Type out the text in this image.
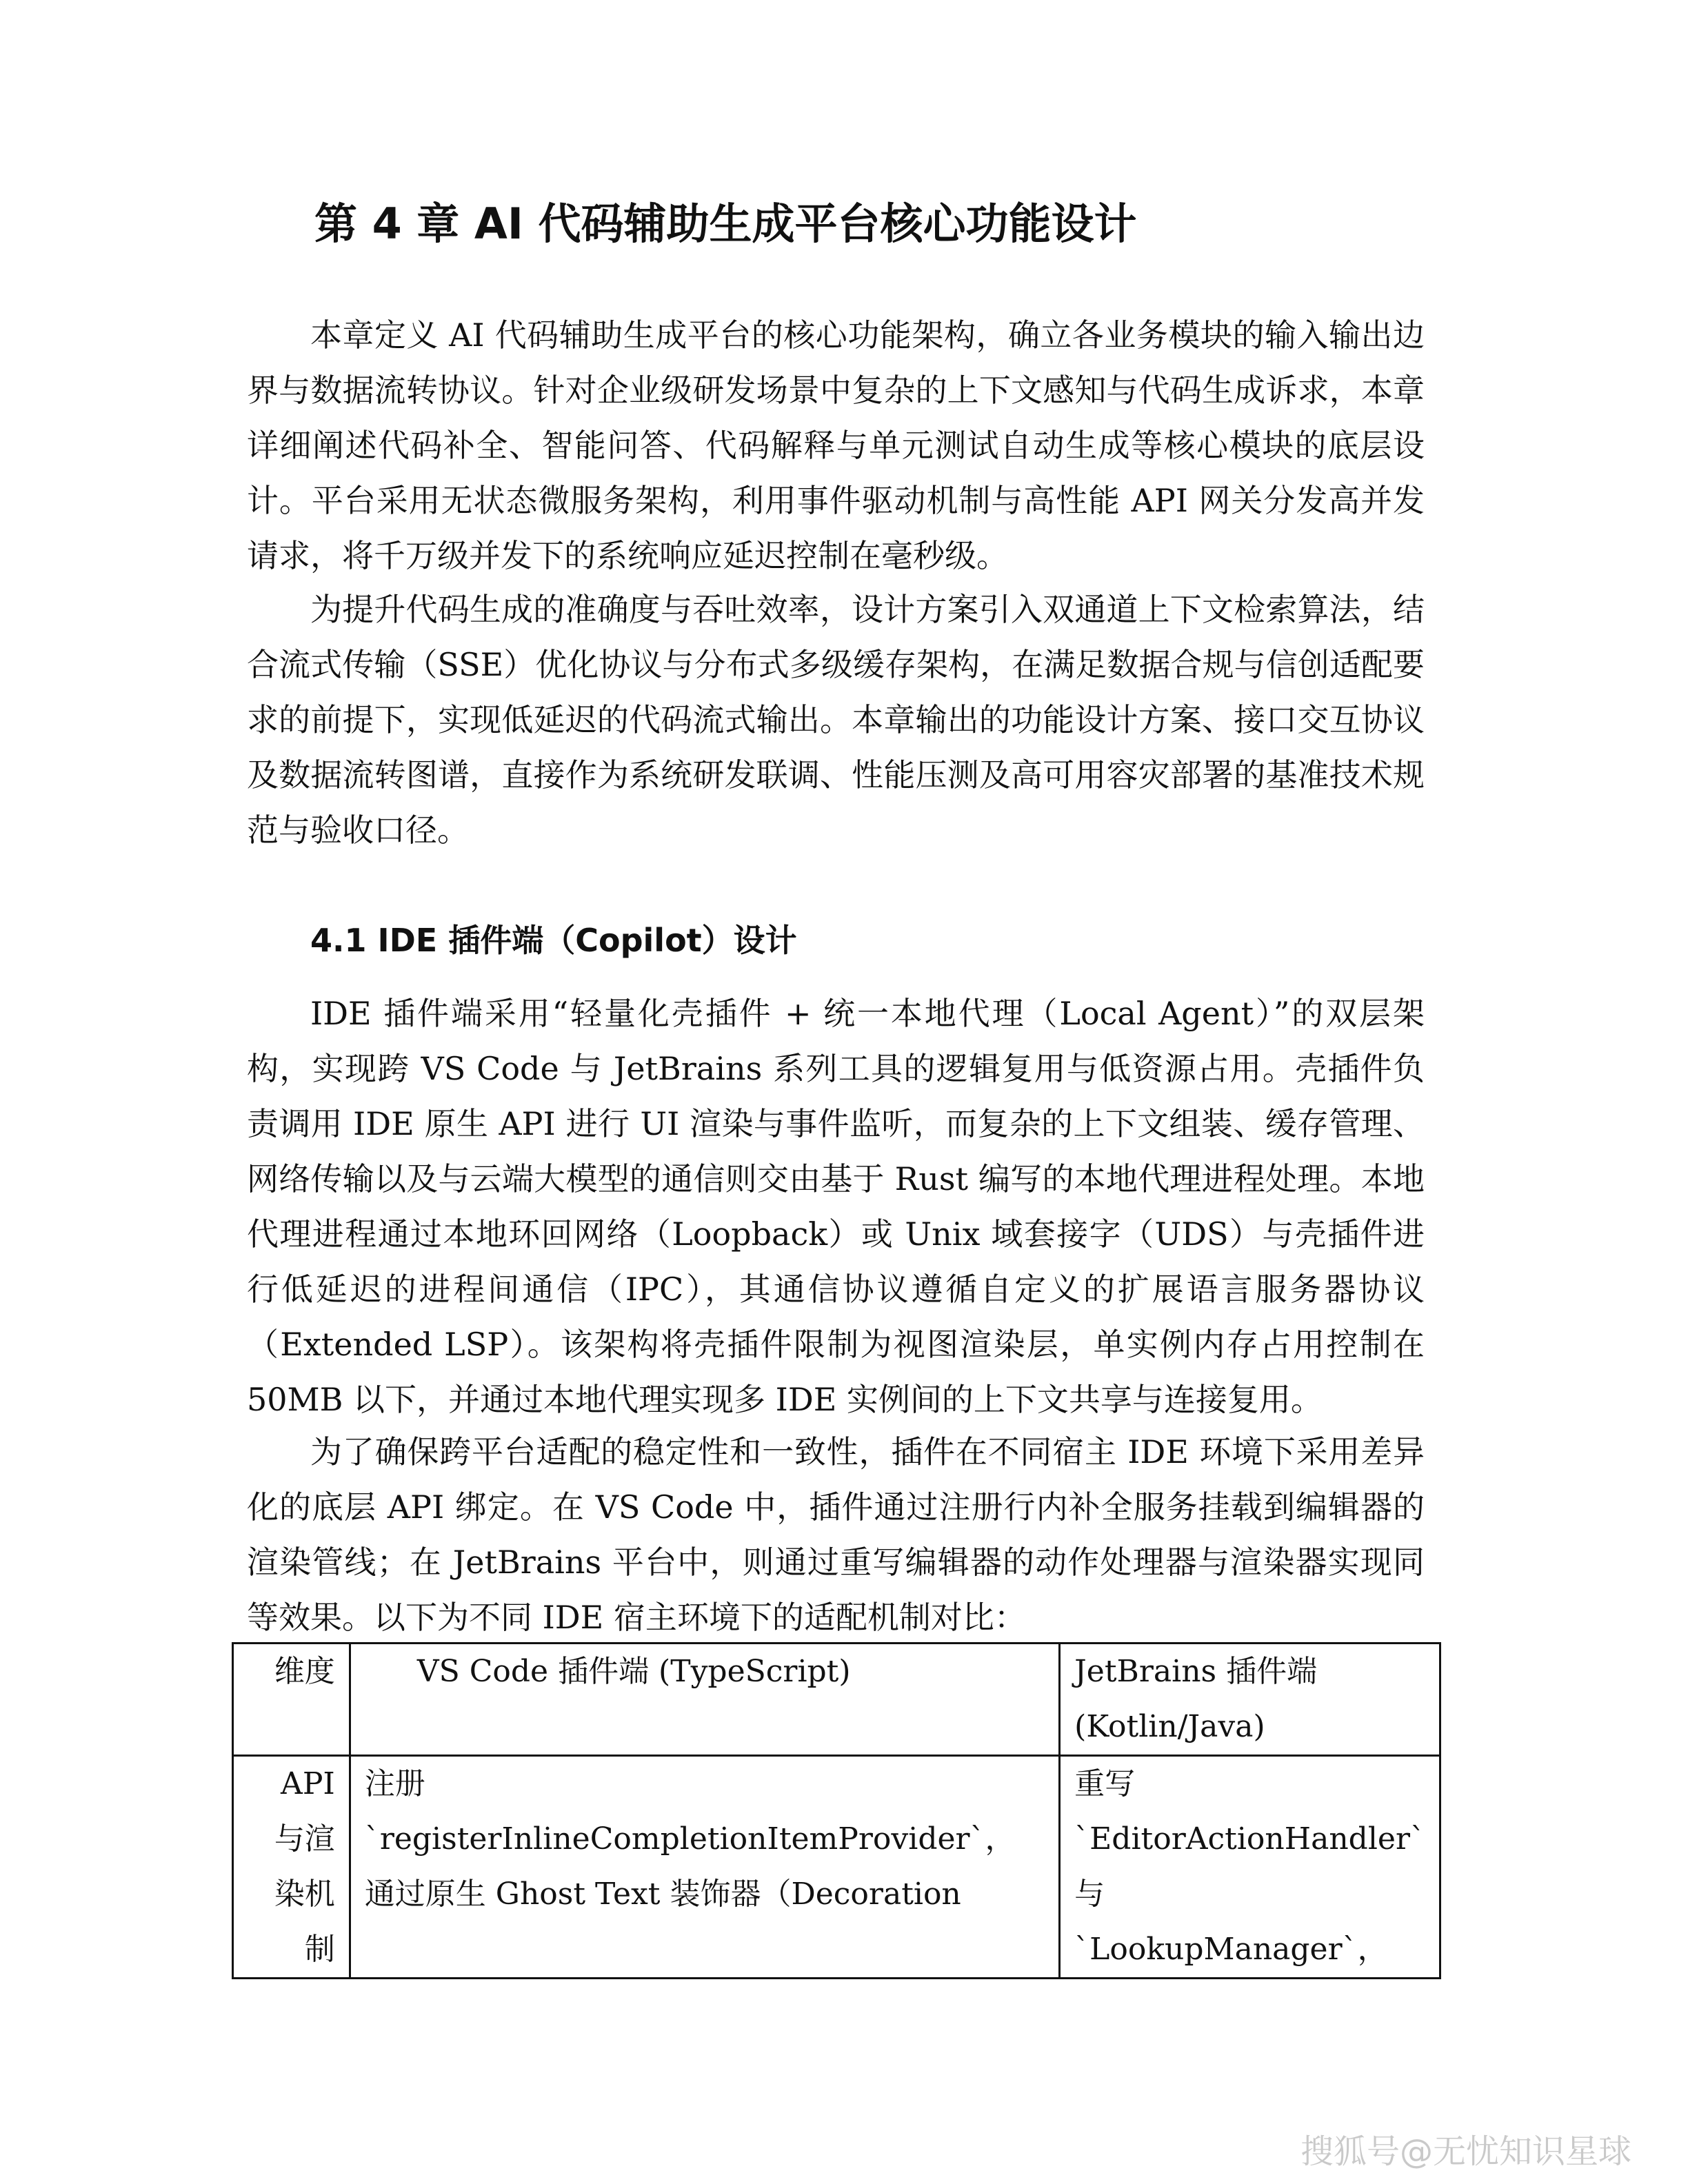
第 4 章 AI 代码辅助生成平台核心功能设计

本章定义 AI 代码辅助生成平台的核心功能架构，确立各业务模块的输入输出边界与数据流转协议。针对企业级研发场景中复杂的上下文感知与代码生成诉求，本章详细阐述代码补全、智能问答、代码解释与单元测试自动生成等核心模块的底层设计。平台采用无状态微服务架构，利用事件驱动机制与高性能 API 网关分发高并发请求，将千万级并发下的系统响应延迟控制在毫秒级。

为提升代码生成的准确度与吞吐效率，设计方案引入双通道上下文检索算法，结合流式传输（SSE）优化协议与分布式多级缓存架构，在满足数据合规与信创适配要求的前提下，实现低延迟的代码流式输出。本章输出的功能设计方案、接口交互协议及数据流转图谱，直接作为系统研发联调、性能压测及高可用容灾部署的基准技术规范与验收口径。

4.1 IDE 插件端（Copilot）设计

IDE 插件端采用“轻量化壳插件 + 统一本地代理（Local Agent）”的双层架构，实现跨 VS Code 与 JetBrains 系列工具的逻辑复用与低资源占用。壳插件负责调用 IDE 原生 API 进行 UI 渲染与事件监听，而复杂的上下文组装、缓存管理、网络传输以及与云端大模型的通信则交由基于 Rust 编写的本地代理进程处理。本地代理进程通过本地环回网络（Loopback）或 Unix 域套接字（UDS）与壳插件进行低延迟的进程间通信（IPC），其通信协议遵循自定义的扩展语言服务器协议（Extended LSP）。该架构将壳插件限制为视图渲染层，单实例内存占用控制在 50MB 以下，并通过本地代理实现多 IDE 实例间的上下文共享与连接复用。

为了确保跨平台适配的稳定性和一致性，插件在不同宿主 IDE 环境下采用差异化的底层 API 绑定。在 VS Code 中，插件通过注册行内补全服务挂载到编辑器的渲染管线；在 JetBrains 平台中，则通过重写编辑器的动作处理器与渲染器实现同等效果。以下为不同 IDE 宿主环境下的适配机制对比：

维度	VS Code 插件端 (TypeScript)	JetBrains 插件端 (Kotlin/Java)
API 与渲染机制	注册 `registerInlineCompletionItemProvider`，通过原生 Ghost Text 装饰器（Decoration	重写 `EditorActionHandler` 与 `LookupManager`，
搜狐号@无忧知识星球
